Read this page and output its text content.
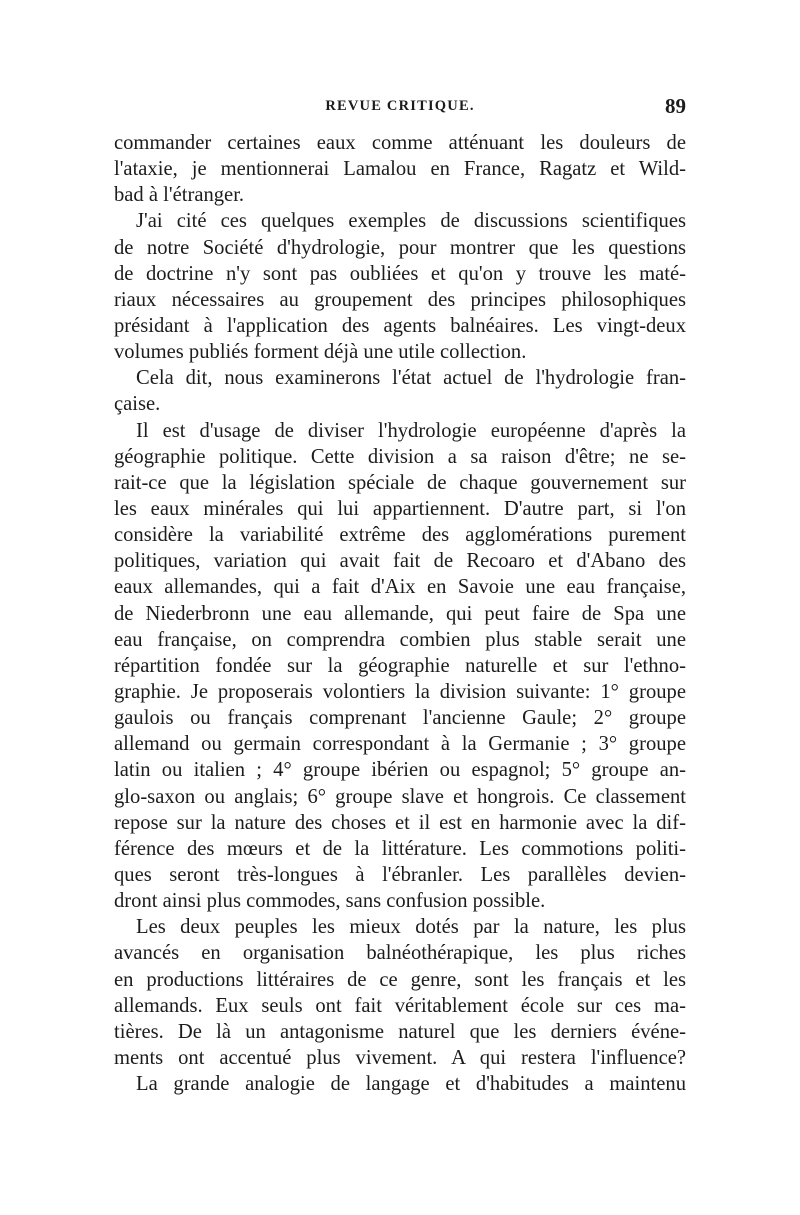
REVUE CRITIQUE.	89
commander certaines eaux comme atténuant les douleurs de
l'ataxie, je mentionnerai Lamalou en France, Ragatz et Wild-
bad à l'étranger.
J'ai cité ces quelques exemples de discussions scientifiques
de notre Société d'hydrologie, pour montrer que les questions
de doctrine n'y sont pas oubliées et qu'on y trouve les maté-
riaux nécessaires au groupement des principes philosophiques
présidant à l'application des agents balnéaires. Les vingt-deux
volumes publiés forment déjà une utile collection.
Cela dit, nous examinerons l'état actuel de l'hydrologie fran-
çaise.
Il est d'usage de diviser l'hydrologie européenne d'après la
géographie politique. Cette division a sa raison d'être; ne se-
rait-ce que la législation spéciale de chaque gouvernement sur
les eaux minérales qui lui appartiennent. D'autre part, si l'on
considère la variabilité extrême des agglomérations purement
politiques, variation qui avait fait de Recoaro et d'Abano des
eaux allemandes, qui a fait d'Aix en Savoie une eau française,
de Niederbronn une eau allemande, qui peut faire de Spa une
eau française, on comprendra combien plus stable serait une
répartition fondée sur la géographie naturelle et sur l'ethno-
graphie. Je proposerais volontiers la division suivante: 1° groupe
gaulois ou français comprenant l'ancienne Gaule; 2° groupe
allemand ou germain correspondant à la Germanie ; 3° groupe
latin ou italien ; 4° groupe ibérien ou espagnol; 5° groupe an-
glo-saxon ou anglais; 6° groupe slave et hongrois. Ce classement
repose sur la nature des choses et il est en harmonie avec la dif-
férence des mœurs et de la littérature. Les commotions politi-
ques seront très-longues à l'ébranler. Les parallèles devien-
dront ainsi plus commodes, sans confusion possible.
Les deux peuples les mieux dotés par la nature, les plus
avancés en organisation balnéothérapique, les plus riches
en productions littéraires de ce genre, sont les français et les
allemands. Eux seuls ont fait véritablement école sur ces ma-
tières. De là un antagonisme naturel que les derniers événe-
ments ont accentué plus vivement. A qui restera l'influence?
La grande analogie de langage et d'habitudes a maintenu
